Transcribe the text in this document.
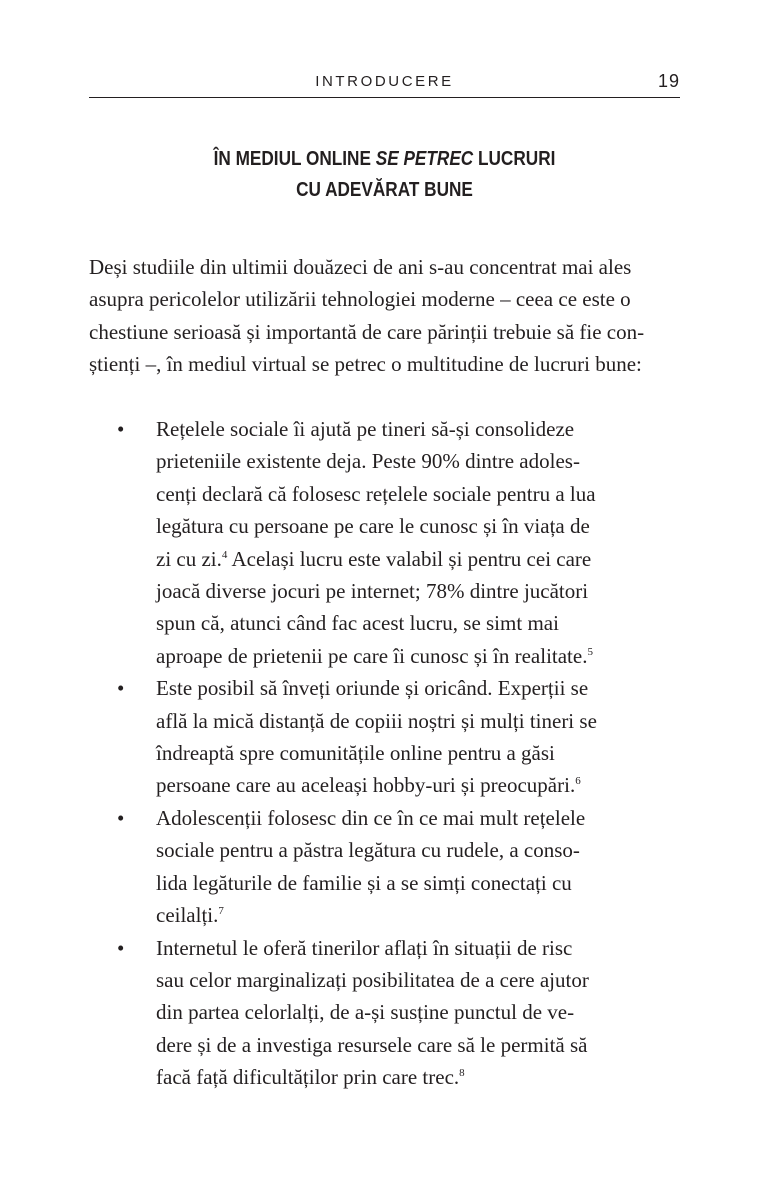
INTRODUCERE	19
ÎN MEDIUL ONLINE SE PETREC LUCRURI
CU ADEVĂRAT BUNE

Deși studiile din ultimii douăzeci de ani s-au concentrat mai ales
asupra pericolelor utilizării tehnologiei moderne – ceea ce este o
chestiune serioasă și importantă de care părinții trebuie să fie con-
știenți –, în mediul virtual se petrec o multitudine de lucruri bune:

• Rețelele sociale îi ajută pe tineri să-și consolideze
prieteniile existente deja. Peste 90% dintre adoles-
cenți declară că folosesc rețelele sociale pentru a lua
legătura cu persoane pe care le cunosc și în viața de
zi cu zi.$^4$ Același lucru este valabil și pentru cei care
joacă diverse jocuri pe internet; 78% dintre jucători
spun că, atunci când fac acest lucru, se simt mai
aproape de prietenii pe care îi cunosc și în realitate.$^5$
• Este posibil să înveți oriunde și oricând. Experții se
află la mică distanță de copiii noștri și mulți tineri se
îndreaptă spre comunitățile online pentru a găsi
persoane care au aceleași hobby-uri și preocupări.$^6$
• Adolescenții folosesc din ce în ce mai mult rețelele
sociale pentru a păstra legătura cu rudele, a conso-
lida legăturile de familie și a se simți conectați cu
ceilalți.$^7$
• Internetul le oferă tinerilor aflați în situații de risc
sau celor marginalizați posibilitatea de a cere ajutor
din partea celorlalți, de a-și susține punctul de ve-
dere și de a investiga resursele care să le permită să
facă față dificultăților prin care trec.$^8$
